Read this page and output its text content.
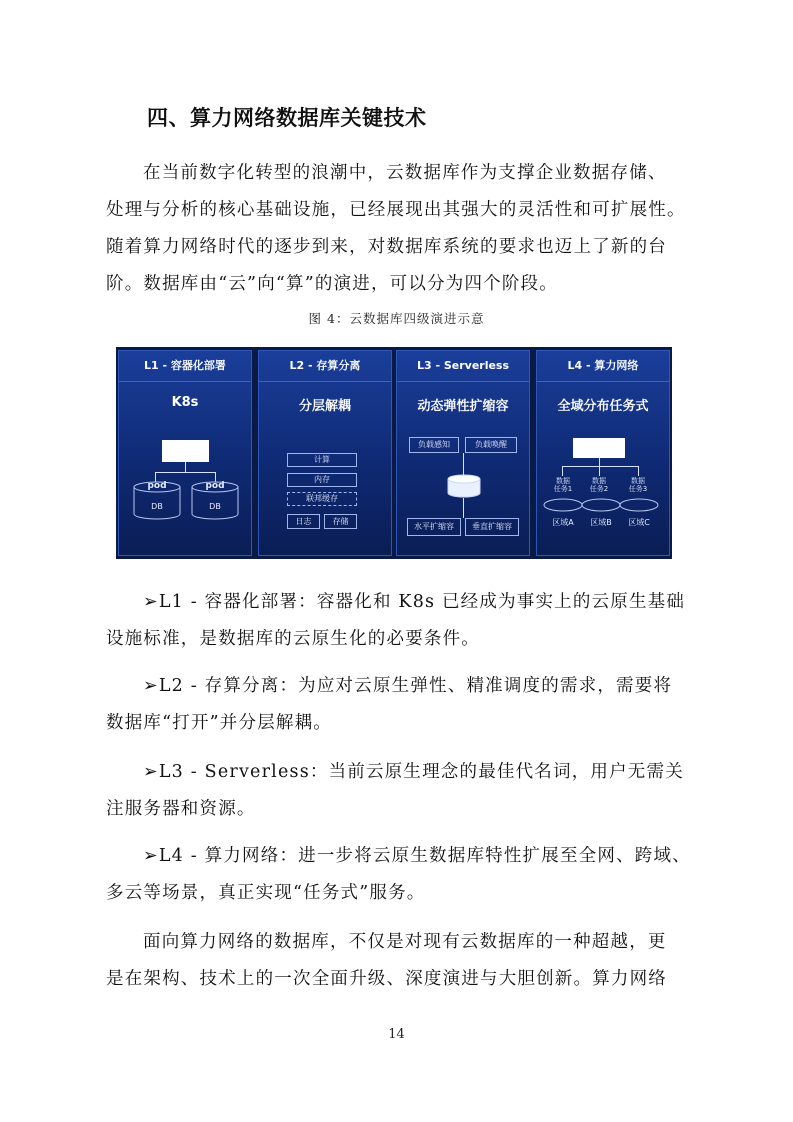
四、算力网络数据库关键技术

在当前数字化转型的浪潮中，云数据库作为支撑企业数据存储、
处理与分析的核心基础设施，已经展现出其强大的灵活性和可扩展性。
随着算力网络时代的逐步到来，对数据库系统的要求也迈上了新的台
阶。数据库由“云”向“算”的演进，可以分为四个阶段。

图 4：云数据库四级演进示意
L1 - 容器化部署
K8s
pod	pod
DB	DB
L2 - 存算分离
分层解耦
计算
内存
联邦缓存
日志	存储
L3 - Serverless
动态弹性扩缩容
负载感知	负载唤醒
水平扩缩容	垂直扩缩容
L4 - 算力网络
全域分布任务式
数据
任务1
数据
任务2
数据
任务3
区域A	区域B	区域C

➢L1 - 容器化部署：容器化和 K8s 已经成为事实上的云原生基础
设施标准，是数据库的云原生化的必要条件。

➢L2 - 存算分离：为应对云原生弹性、精准调度的需求，需要将
数据库“打开”并分层解耦。

➢L3 - Serverless：当前云原生理念的最佳代名词，用户无需关
注服务器和资源。

➢L4 - 算力网络：进一步将云原生数据库特性扩展至全网、跨域、
多云等场景，真正实现“任务式”服务。

面向算力网络的数据库，不仅是对现有云数据库的一种超越，更
是在架构、技术上的一次全面升级、深度演进与大胆创新。算力网络

14
